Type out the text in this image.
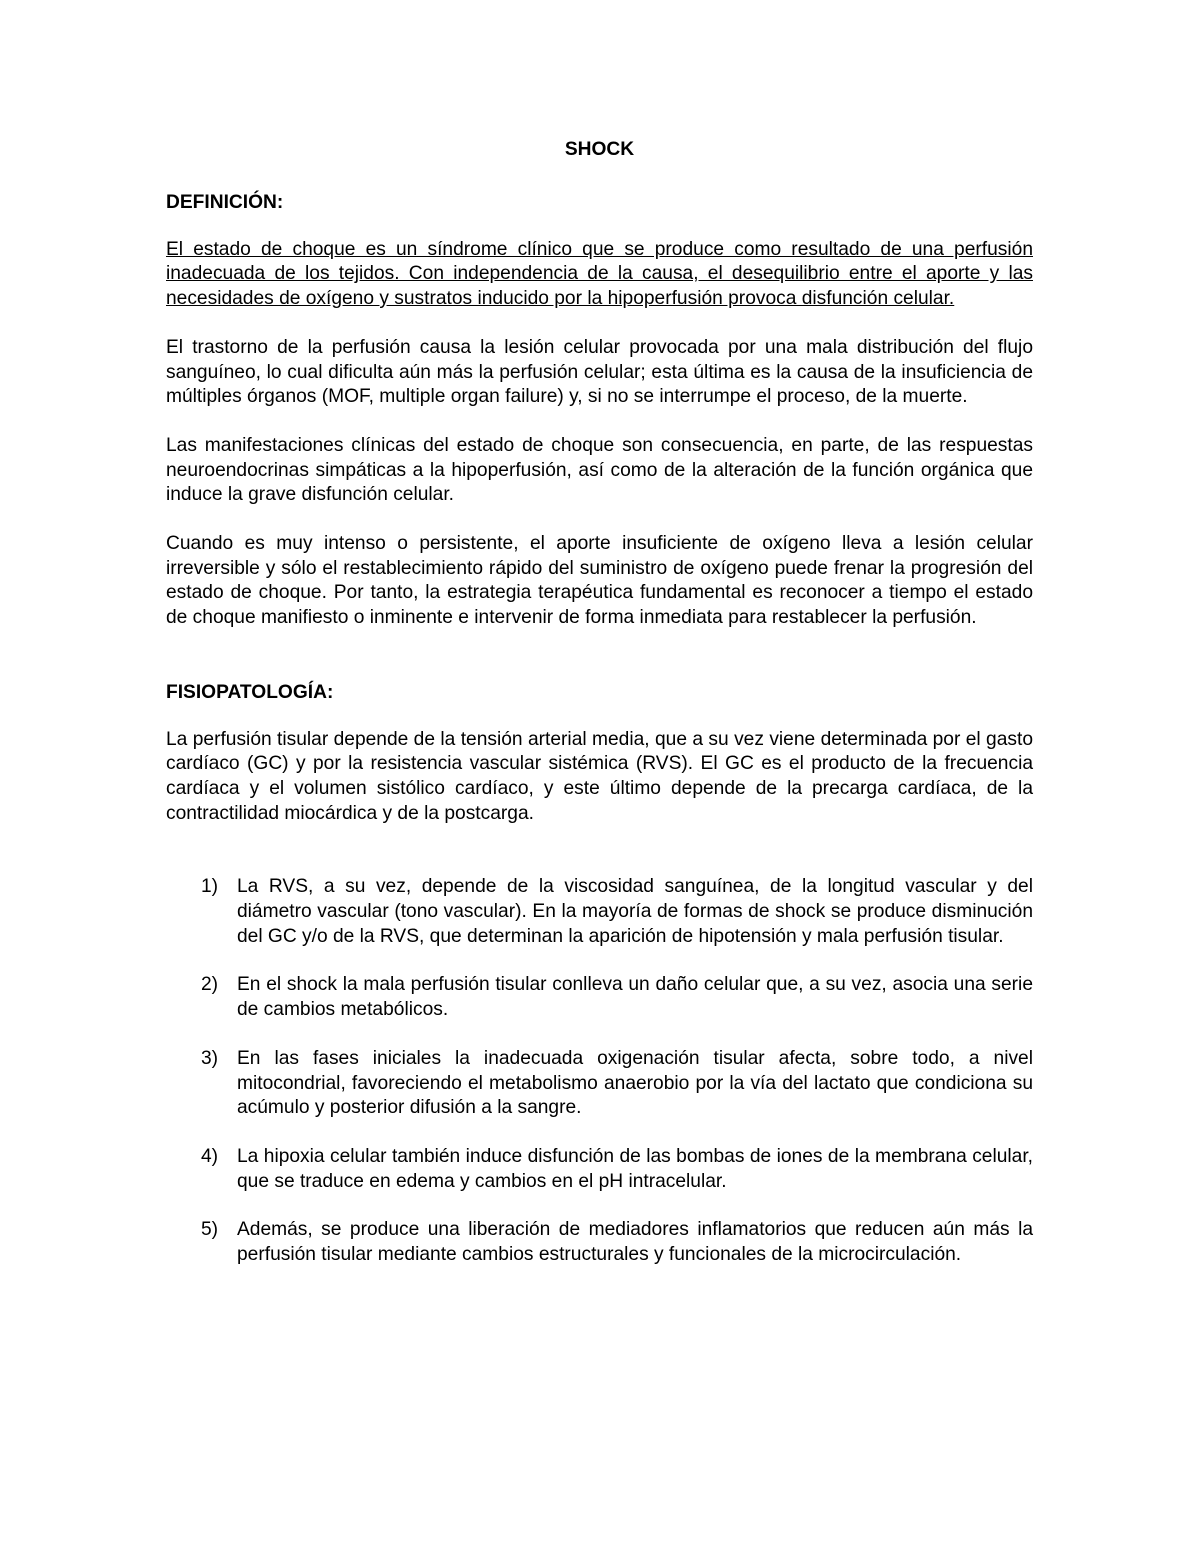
SHOCK
DEFINICIÓN:

El estado de choque es un síndrome clínico que se produce como resultado de una perfusión inadecuada de los tejidos. Con independencia de la causa, el desequilibrio entre el aporte y las necesidades de oxígeno y sustratos inducido por la hipoperfusión provoca disfunción celular.

El trastorno de la perfusión causa la lesión celular provocada por una mala distribución del flujo sanguíneo, lo cual dificulta aún más la perfusión celular; esta última es la causa de la insuficiencia de múltiples órganos (MOF, multiple organ failure) y, si no se interrumpe el proceso, de la muerte.

Las manifestaciones clínicas del estado de choque son consecuencia, en parte, de las respuestas neuroendocrinas simpáticas a la hipoperfusión, así como de la alteración de la función orgánica que induce la grave disfunción celular.

Cuando es muy intenso o persistente, el aporte insuficiente de oxígeno lleva a lesión celular irreversible y sólo el restablecimiento rápido del suministro de oxígeno puede frenar la progresión del estado de choque. Por tanto, la estrategia terapéutica fundamental es reconocer a tiempo el estado de choque manifiesto o inminente e intervenir de forma inmediata para restablecer la perfusión.

FISIOPATOLOGÍA:

La perfusión tisular depende de la tensión arterial media, que a su vez viene determinada por el gasto cardíaco (GC) y por la resistencia vascular sistémica (RVS). El GC es el producto de la frecuencia cardíaca y el volumen sistólico cardíaco, y este último depende de la precarga cardíaca, de la contractilidad miocárdica y de la postcarga.

1) La RVS, a su vez, depende de la viscosidad sanguínea, de la longitud vascular y del diámetro vascular (tono vascular). En la mayoría de formas de shock se produce disminución del GC y/o de la RVS, que determinan la aparición de hipotensión y mala perfusión tisular.
2) En el shock la mala perfusión tisular conlleva un daño celular que, a su vez, asocia una serie de cambios metabólicos.
3) En las fases iniciales la inadecuada oxigenación tisular afecta, sobre todo, a nivel mitocondrial, favoreciendo el metabolismo anaerobio por la vía del lactato que condiciona su acúmulo y posterior difusión a la sangre.
4) La hipoxia celular también induce disfunción de las bombas de iones de la membrana celular, que se traduce en edema y cambios en el pH intracelular.
5) Además, se produce una liberación de mediadores inflamatorios que reducen aún más la perfusión tisular mediante cambios estructurales y funcionales de la microcirculación.
